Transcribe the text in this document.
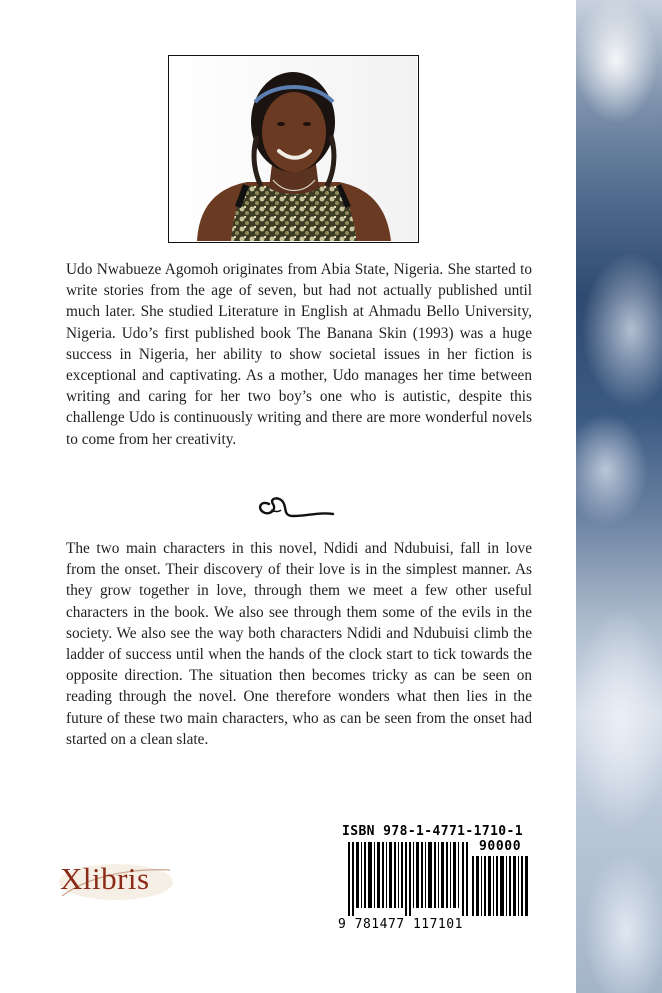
Udo Nwabueze Agomoh originates from Abia State, Nigeria. She started to write stories from the age of seven, but had not actually published until much later. She studied Literature in English at Ahmadu Bello University, Nigeria. Udo’s first published book The Banana Skin (1993) was a huge success in Nigeria, her ability to show societal issues in her fiction is exceptional and captivating. As a mother, Udo manages her time between writing and caring for her two boy’s one who is autistic, despite this challenge Udo is continuously writing and there are more wonderful novels to come from her creativity.

The two main characters in this novel, Ndidi and Ndubuisi, fall in love from the onset. Their discovery of their love is in the simplest manner. As they grow together in love, through them we meet a few other useful characters in the book. We also see through them some of the evils in the society. We also see the way both characters Ndidi and Ndubuisi climb the ladder of success until when the hands of the clock start to tick towards the opposite direction. The situation then becomes tricky as can be seen on reading through the novel. One therefore wonders what then lies in the future of these two main characters, who as can be seen from the onset had started on a clean slate.

Xlibris
ISBN 978-1-4771-1710-1
90000
9 781477 117101
